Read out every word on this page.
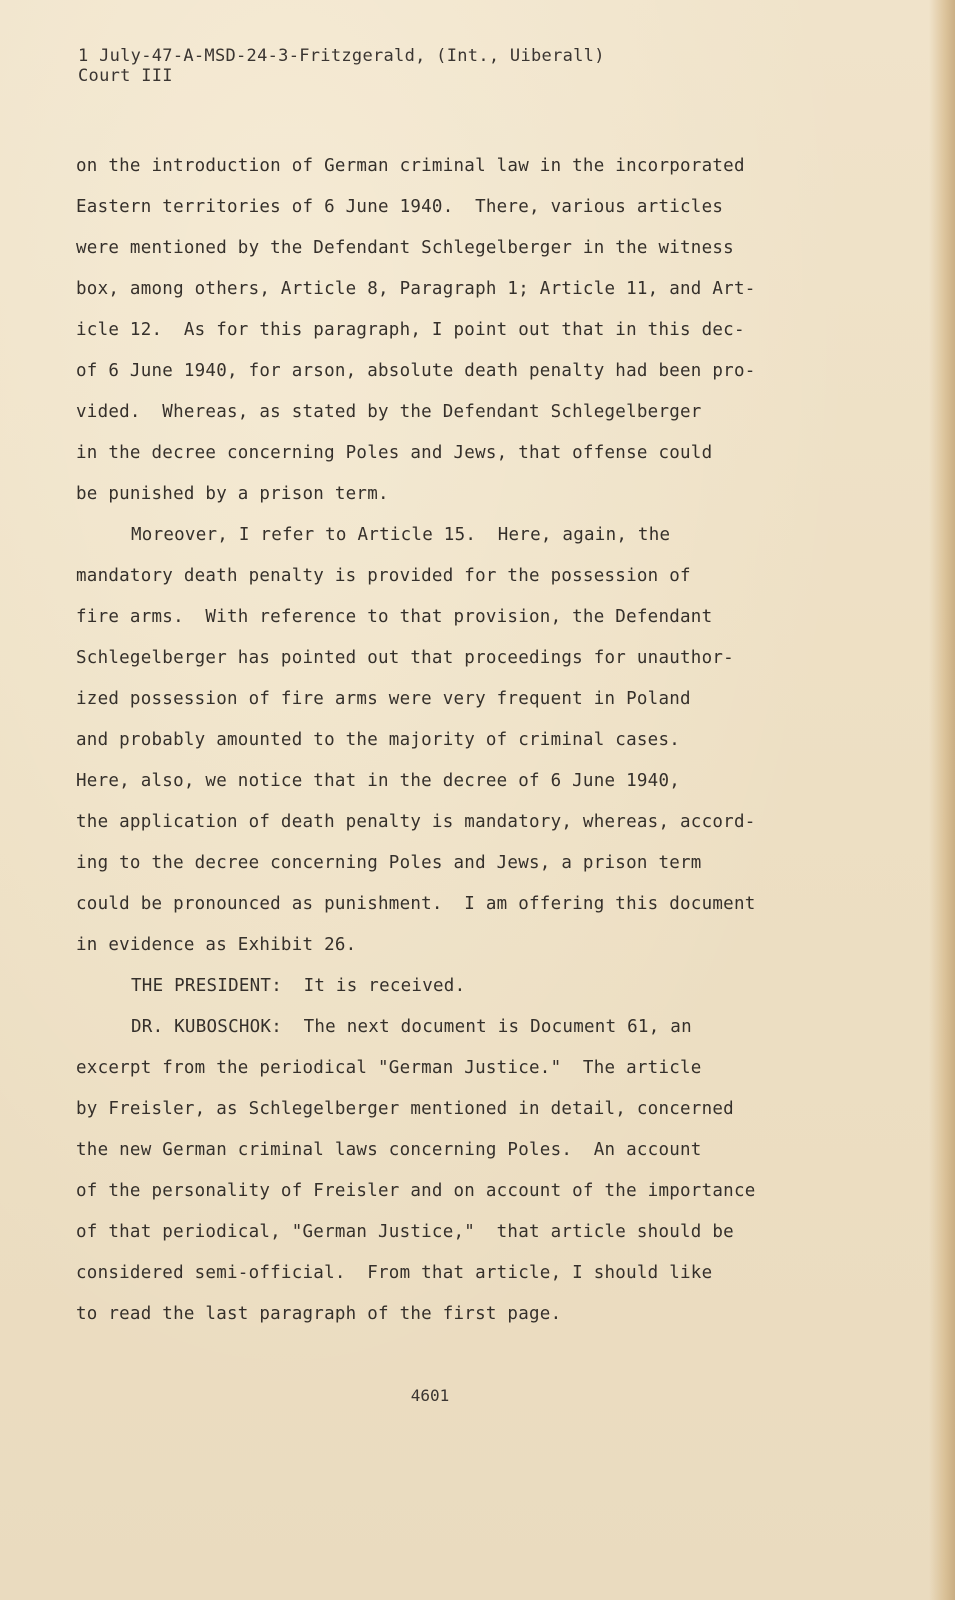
1 July-47-A-MSD-24-3-Fritzgerald, (Int., Uiberall)
Court III
on the introduction of German criminal law in the incorporated
Eastern territories of 6 June 1940.  There, various articles
were mentioned by the Defendant Schlegelberger in the witness
box, among others, Article 8, Paragraph 1; Article 11, and Art-
icle 12.  As for this paragraph, I point out that in this dec-
of 6 June 1940, for arson, absolute death penalty had been pro-
vided.  Whereas, as stated by the Defendant Schlegelberger
in the decree concerning Poles and Jews, that offense could
be punished by a prison term.
Moreover, I refer to Article 15.  Here, again, the
mandatory death penalty is provided for the possession of
fire arms.  With reference to that provision, the Defendant
Schlegelberger has pointed out that proceedings for unauthor-
ized possession of fire arms were very frequent in Poland
and probably amounted to the majority of criminal cases.
Here, also, we notice that in the decree of 6 June 1940,
the application of death penalty is mandatory, whereas, accord-
ing to the decree concerning Poles and Jews, a prison term
could be pronounced as punishment.  I am offering this document
in evidence as Exhibit 26.
THE PRESIDENT:  It is received.
DR. KUBOSCHOK:  The next document is Document 61, an
excerpt from the periodical "German Justice."  The article
by Freisler, as Schlegelberger mentioned in detail, concerned
the new German criminal laws concerning Poles.  An account
of the personality of Freisler and on account of the importance
of that periodical, "German Justice,"  that article should be
considered semi-official.  From that article, I should like
to read the last paragraph of the first page.
4601
